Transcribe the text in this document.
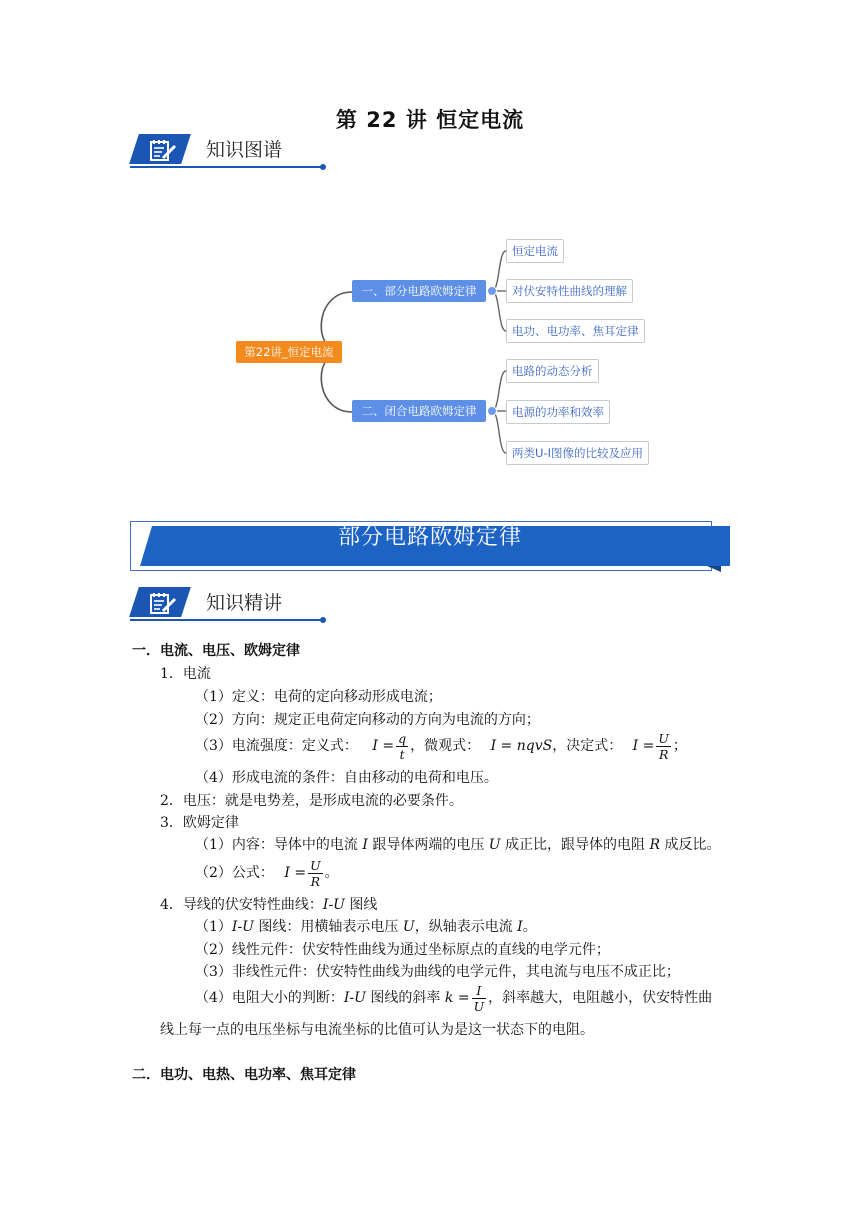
第 22 讲 恒定电流
知识图谱
第22讲_恒定电流
一、部分电路欧姆定律
二、闭合电路欧姆定律
恒定电流
对伏安特性曲线的理解
电功、电功率、焦耳定律
电路的动态分析
电源的功率和效率
两类U-I图像的比较及应用
部分电路欧姆定律
知识精讲
一．电流、电压、欧姆定律
1．电流
（1）定义：电荷的定向移动形成电流；
（2）方向：规定正电荷定向移动的方向为电流的方向；
（3）电流强度：定义式： $I = \frac{q}{t}$ ，微观式： I = nqvS，决定式： $I = \frac{U}{R}$ ；
（4）形成电流的条件：自由移动的电荷和电压。
2．电压：就是电势差，是形成电流的必要条件。
3．欧姆定律
（1）内容：导体中的电流 I 跟导体两端的电压 U 成正比，跟导体的电阻 R 成反比。
（2）公式： $I = \frac{U}{R}$ 。
4．导线的伏安特性曲线：I-U 图线
（1）I-U 图线：用横轴表示电压 U，纵轴表示电流 I。
（2）线性元件：伏安特性曲线为通过坐标原点的直线的电学元件；
（3）非线性元件：伏安特性曲线为曲线的电学元件，其电流与电压不成正比；
（4）电阻大小的判断：I-U 图线的斜率 $k = \frac{I}{U}$ ，斜率越大，电阻越小，伏安特性曲
线上每一点的电压坐标与电流坐标的比值可认为是这一状态下的电阻。
二．电功、电热、电功率、焦耳定律
